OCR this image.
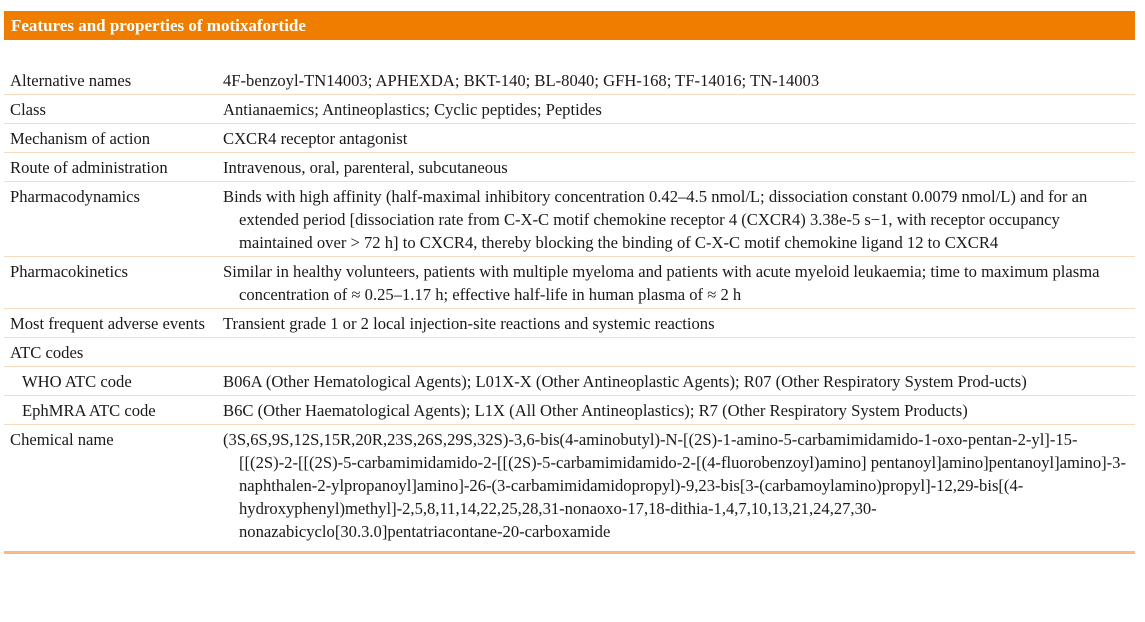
Features and properties of motixafortide
Alternative names	4F-benzoyl-TN14003; APHEXDA; BKT-140; BL-8040; GFH-168; TF-14016; TN-14003

Class	Antianaemics; Antineoplastics; Cyclic peptides; Peptides

Mechanism of action	CXCR4 receptor antagonist

Route of administration	Intravenous, oral, parenteral, subcutaneous

Pharmacodynamics	Binds with high affinity (half-maximal inhibitory concentration 0.42–4.5 nmol/L; dissociation constant 0.0079 nmol/L) and for an extended period [dissociation rate from C-X-C motif chemokine receptor 4 (CXCR4) 3.38e-5 s−1, with receptor occupancy maintained over > 72 h] to CXCR4, thereby blocking the binding of C-X-C motif chemokine ligand 12 to CXCR4

Pharmacokinetics	Similar in healthy volunteers, patients with multiple myeloma and patients with acute myeloid leukaemia; time to maximum plasma concentration of ≈ 0.25–1.17 h; effective half-life in human plasma of ≈ 2 h

Most frequent adverse events	Transient grade 1 or 2 local injection-site reactions and systemic reactions

ATC codes	

WHO ATC code	B06A (Other Hematological Agents); L01X-X (Other Antineoplastic Agents); R07 (Other Respiratory System Prod-ucts)

EphMRA ATC code	B6C (Other Haematological Agents); L1X (All Other Antineoplastics); R7 (Other Respiratory System Products)

Chemical name	(3S,6S,9S,12S,15R,20R,23S,26S,29S,32S)-3,6-bis(4-aminobutyl)-N-[(2S)-1-amino-5-carbamimidamido-1-oxo-pentan-2-yl]-15-[[(2S)-2-[[(2S)-5-carbamimidamido-2-[[(2S)-5-carbamimidamido-2-[(4-fluorobenzoyl)amino] pentanoyl]amino]pentanoyl]amino]-3-naphthalen-2-ylpropanoyl]amino]-26-(3-carbamimidamidopropyl)-9,23-bis[3-(carbamoylamino)propyl]-12,29-bis[(4-hydroxyphenyl)methyl]-2,5,8,11,14,22,25,28,31-nonaoxo-17,18-dithia-1,4,7,10,13,21,24,27,30-nonazabicyclo[30.3.0]pentatriacontane-20-carboxamide
